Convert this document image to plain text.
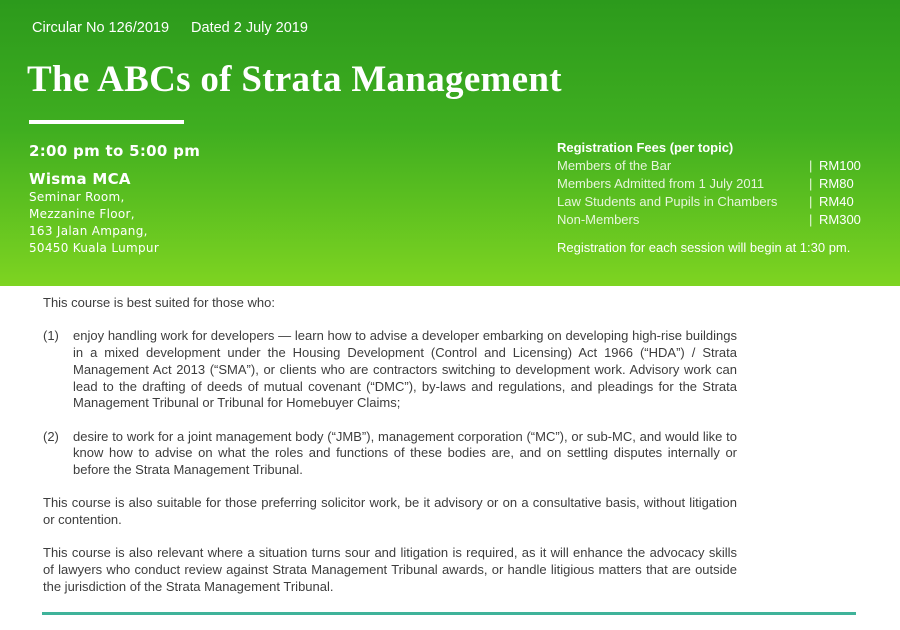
Circular No 126/2019 Dated 2 July 2019
The ABCs of Strata Management
2:00 pm to 5:00 pm
Wisma MCA
Seminar Room,
Mezzanine Floor,
163 Jalan Ampang,
50450 Kuala Lumpur
Registration Fees (per topic)
Members of the Bar	| RM100
Members Admitted from 1 July 2011	| RM80
Law Students and Pupils in Chambers	| RM40
Non-Members	| RM300
Registration for each session will begin at 1:30 pm.

This course is best suited for those who:

(1)	enjoy handling work for developers — learn how to advise a developer embarking on developing high-rise buildings in a mixed development under the Housing Development (Control and Licensing) Act 1966 (“HDA”) / Strata Management Act 2013 (“SMA”), or clients who are contractors switching to development work. Advisory work can lead to the drafting of deeds of mutual covenant (“DMC”), by-laws and regulations, and pleadings for the Strata Management Tribunal or Tribunal for Homebuyer Claims;
(2)	desire to work for a joint management body (“JMB”), management corporation (“MC”), or sub-MC, and would like to know how to advise on what the roles and functions of these bodies are, and on settling disputes internally or before the Strata Management Tribunal.

This course is also suitable for those preferring solicitor work, be it advisory or on a consultative basis, without litigation or contention.

This course is also relevant where a situation turns sour and litigation is required, as it will enhance the advocacy skills of lawyers who conduct review against Strata Management Tribunal awards, or handle litigious matters that are outside the jurisdiction of the Strata Management Tribunal.
